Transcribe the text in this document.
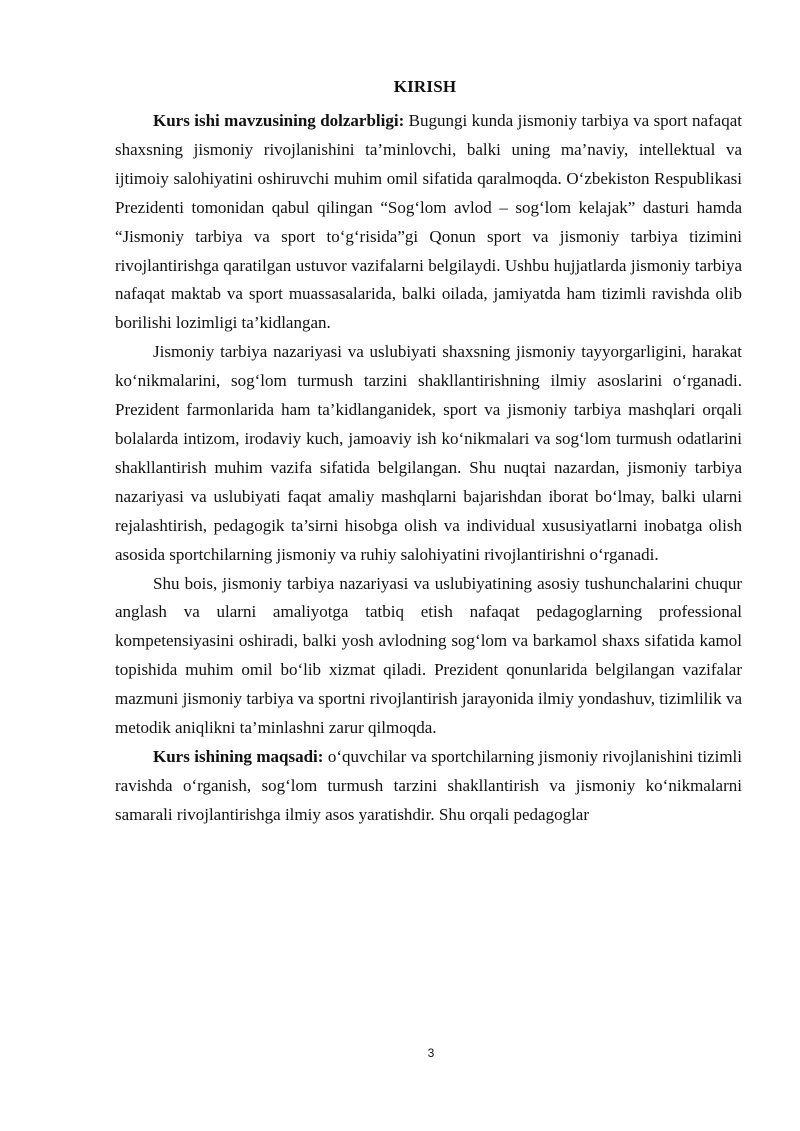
KIRISH

Kurs ishi mavzusining dolzarbligi: Bugungi kunda jismoniy tarbiya va sport nafaqat shaxsning jismoniy rivojlanishini ta’minlovchi, balki uning ma’naviy, intellektual va ijtimoiy salohiyatini oshiruvchi muhim omil sifatida qaralmoqda. O‘zbekiston Respublikasi Prezidenti tomonidan qabul qilingan “Sog‘lom avlod – sog‘lom kelajak” dasturi hamda “Jismoniy tarbiya va sport to‘g‘risida”gi Qonun sport va jismoniy tarbiya tizimini rivojlantirishga qaratilgan ustuvor vazifalarni belgilaydi. Ushbu hujjatlarda jismoniy tarbiya nafaqat maktab va sport muassasalarida, balki oilada, jamiyatda ham tizimli ravishda olib borilishi lozimligi ta’kidlangan.

Jismoniy tarbiya nazariyasi va uslubiyati shaxsning jismoniy tayyorgarligini, harakat ko‘nikmalarini, sog‘lom turmush tarzini shakllantirishning ilmiy asoslarini o‘rganadi. Prezident farmonlarida ham ta’kidlanganidek, sport va jismoniy tarbiya mashqlari orqali bolalarda intizom, irodaviy kuch, jamoaviy ish ko‘nikmalari va sog‘lom turmush odatlarini shakllantirish muhim vazifa sifatida belgilangan. Shu nuqtai nazardan, jismoniy tarbiya nazariyasi va uslubiyati faqat amaliy mashqlarni bajarishdan iborat bo‘lmay, balki ularni rejalashtirish, pedagogik ta’sirni hisobga olish va individual xususiyatlarni inobatga olish asosida sportchilarning jismoniy va ruhiy salohiyatini rivojlantirishni o‘rganadi.

Shu bois, jismoniy tarbiya nazariyasi va uslubiyatining asosiy tushunchalarini chuqur anglash va ularni amaliyotga tatbiq etish nafaqat pedagoglarning professional kompetensiyasini oshiradi, balki yosh avlodning sog‘lom va barkamol shaxs sifatida kamol topishida muhim omil bo‘lib xizmat qiladi. Prezident qonunlarida belgilangan vazifalar mazmuni jismoniy tarbiya va sportni rivojlantirish jarayonida ilmiy yondashuv, tizimlilik va metodik aniqlikni ta’minlashni zarur qilmoqda.

Kurs ishining maqsadi: o‘quvchilar va sportchilarning jismoniy rivojlanishini tizimli ravishda o‘rganish, sog‘lom turmush tarzini shakllantirish va jismoniy ko‘nikmalarni samarali rivojlantirishga ilmiy asos yaratishdir. Shu orqali pedagoglar

3
